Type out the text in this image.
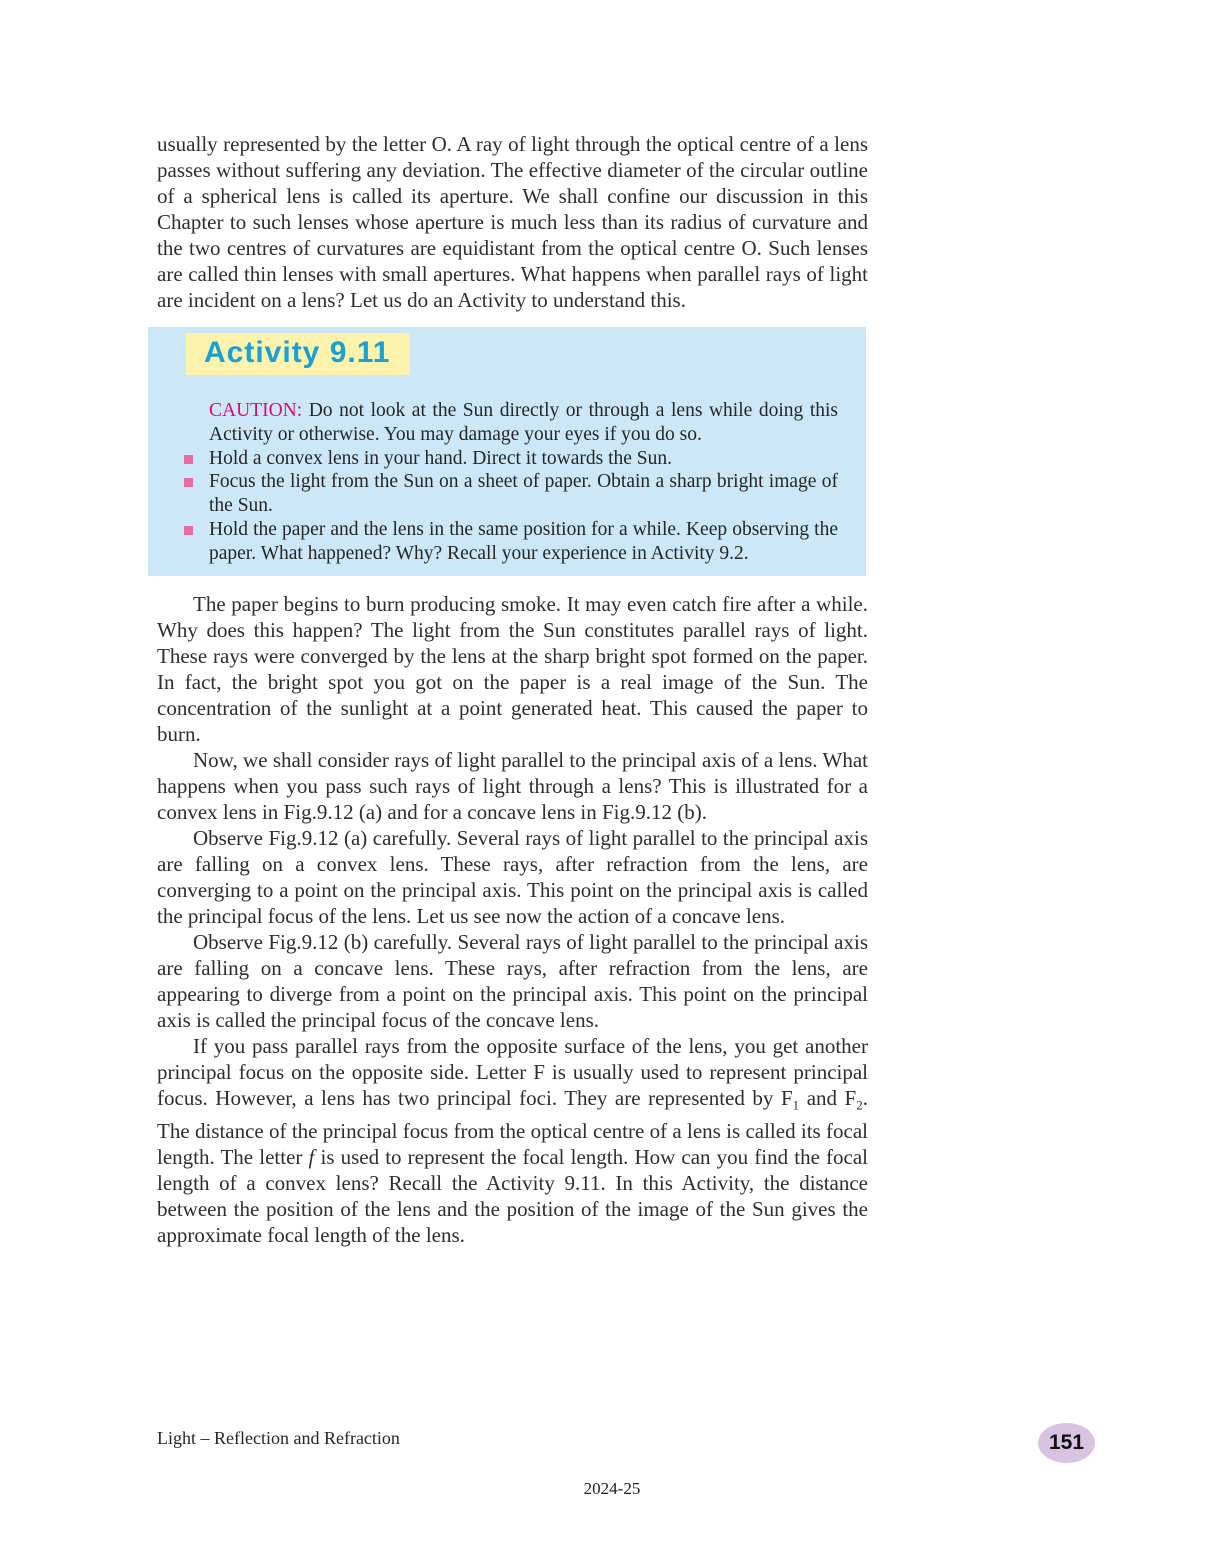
usually represented by the letter O. A ray of light through the optical centre of a lens passes without suffering any deviation. The effective diameter of the circular outline of a spherical lens is called its aperture. We shall confine our discussion in this Chapter to such lenses whose aperture is much less than its radius of curvature and the two centres of curvatures are equidistant from the optical centre O. Such lenses are called thin lenses with small apertures. What happens when parallel rays of light are incident on a lens? Let us do an Activity to understand this.

Activity 9.11

CAUTION: Do not look at the Sun directly or through a lens while doing this Activity or otherwise. You may damage your eyes if you do so.

Hold a convex lens in your hand. Direct it towards the Sun.
Focus the light from the Sun on a sheet of paper. Obtain a sharp bright image of the Sun.
Hold the paper and the lens in the same position for a while. Keep observing the paper. What happened? Why? Recall your experience in Activity 9.2.

The paper begins to burn producing smoke. It may even catch fire after a while. Why does this happen? The light from the Sun constitutes parallel rays of light. These rays were converged by the lens at the sharp bright spot formed on the paper. In fact, the bright spot you got on the paper is a real image of the Sun. The concentration of the sunlight at a point generated heat. This caused the paper to burn.

Now, we shall consider rays of light parallel to the principal axis of a lens. What happens when you pass such rays of light through a lens? This is illustrated for a convex lens in Fig.9.12 (a) and for a concave lens in Fig.9.12 (b).

Observe Fig.9.12 (a) carefully. Several rays of light parallel to the principal axis are falling on a convex lens. These rays, after refraction from the lens, are converging to a point on the principal axis. This point on the principal axis is called the principal focus of the lens. Let us see now the action of a concave lens.

Observe Fig.9.12 (b) carefully. Several rays of light parallel to the principal axis are falling on a concave lens. These rays, after refraction from the lens, are appearing to diverge from a point on the principal axis. This point on the principal axis is called the principal focus of the concave lens.

If you pass parallel rays from the opposite surface of the lens, you get another principal focus on the opposite side. Letter F is usually used to represent principal focus. However, a lens has two principal foci. They are represented by $F_1$ and $F_2$. The distance of the principal focus from the optical centre of a lens is called its focal length. The letter f is used to represent the focal length. How can you find the focal length of a convex lens? Recall the Activity 9.11. In this Activity, the distance between the position of the lens and the position of the image of the Sun gives the approximate focal length of the lens.

Light – Reflection and Refraction	151
2024-25
